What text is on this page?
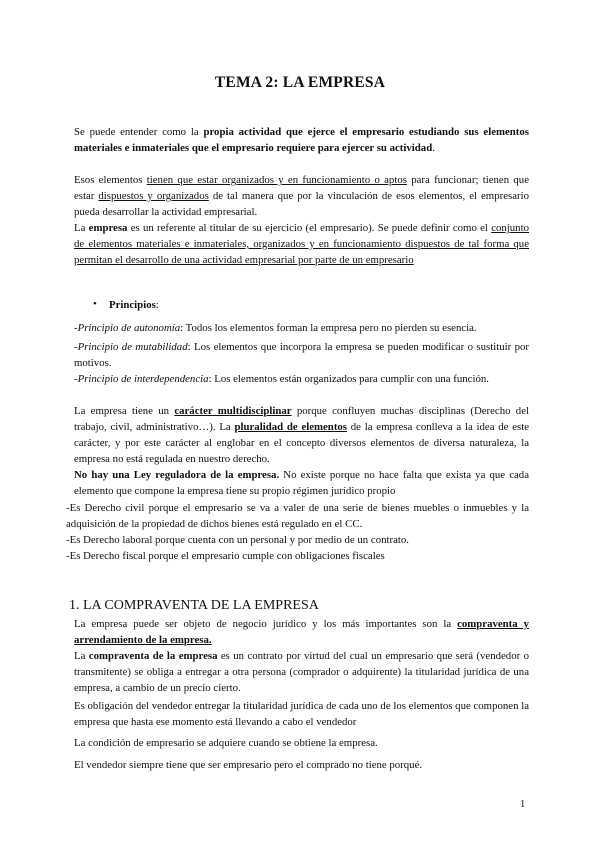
TEMA 2: LA EMPRESA
Se puede entender como la propia actividad que ejerce el empresario estudiando sus elementos materiales e inmateriales que el empresario requiere para ejercer su actividad.
Esos elementos tienen que estar organizados y en funcionamiento o aptos para funcionar; tienen que estar dispuestos y organizados de tal manera que por la vinculación de esos elementos, el empresario pueda desarrollar la actividad empresarial.
La empresa es un referente al titular de su ejercicio (el empresario). Se puede definir como el conjunto de elementos materiales e inmateriales, organizados y en funcionamiento dispuestos de tal forma que permitan el desarrollo de una actividad empresarial por parte de un empresario
• Principios:
-Principio de autonomía: Todos los elementos forman la empresa pero no pierden su esencia.
-Principio de mutabilidad: Los elementos que incorpora la empresa se pueden modificar o sustituir por motivos.
-Principio de interdependencia: Los elementos están organizados para cumplir con una función.
La empresa tiene un carácter multidisciplinar porque confluyen muchas disciplinas (Derecho del trabajo, civil, administrativo…). La pluralidad de elementos de la empresa conlleva a la idea de este carácter, y por este carácter al englobar en el concepto diversos elementos de diversa naturaleza, la empresa no está regulada en nuestro derecho.
No hay una Ley reguladora de la empresa. No existe porque no hace falta que exista ya que cada elemento que compone la empresa tiene su propio régimen jurídico propio
-Es Derecho civil porque el empresario se va a valer de una serie de bienes muebles o inmuebles y la adquisición de la propiedad de dichos bienes está regulado en el CC.
-Es Derecho laboral porque cuenta con un personal y por medio de un contrato.
-Es Derecho fiscal porque el empresario cumple con obligaciones fiscales
1. LA COMPRAVENTA DE LA EMPRESA
La empresa puede ser objeto de negocio jurídico y los más importantes son la compraventa y arrendamiento de la empresa.
La compraventa de la empresa es un contrato por virtud del cual un empresario que será (vendedor o transmitente) se obliga a entregar a otra persona (comprador o adquirente) la titularidad jurídica de una empresa, a cambio de un precio cierto.
Es obligación del vendedor entregar la titularidad jurídica de cada uno de los elementos que componen la empresa que hasta ese momento está llevando a cabo el vendedor
La condición de empresario se adquiere cuando se obtiene la empresa.
El vendedor siempre tiene que ser empresario pero el comprado no tiene porqué.
1
